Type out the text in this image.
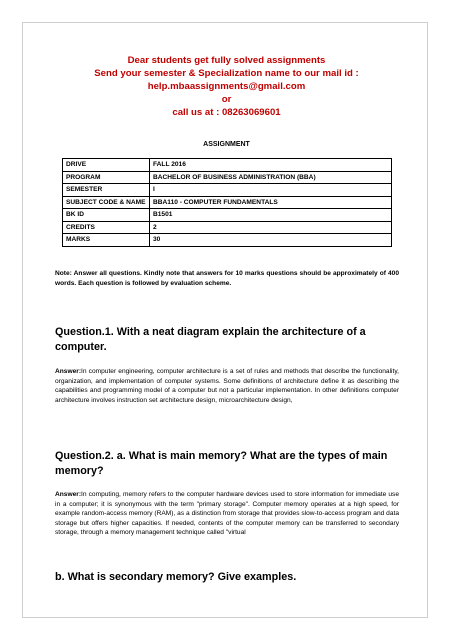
Dear students get fully solved assignments
Send your semester & Specialization name to our mail id :
help.mbaassignments@gmail.com
or
call us at : 08263069601
ASSIGNMENT
DRIVE	FALL 2016
PROGRAM	BACHELOR OF BUSINESS ADMINISTRATION (BBA)
SEMESTER	I
SUBJECT CODE & NAME	BBA110 - COMPUTER FUNDAMENTALS
BK ID	B1501
CREDITS	2
MARKS	30
Note: Answer all questions. Kindly note that answers for 10 marks questions should be approximately of 400 words. Each question is followed by evaluation scheme.
Question.1. With a neat diagram explain the architecture of a computer.
Answer:In computer engineering, computer architecture is a set of rules and methods that describe the functionality, organization, and implementation of computer systems. Some definitions of architecture define it as describing the capabilities and programming model of a computer but not a particular implementation. In other definitions computer architecture involves instruction set architecture design, microarchitecture design,
Question.2. a. What is main memory? What are the types of main memory?
Answer:In computing, memory refers to the computer hardware devices used to store information for immediate use in a computer; it is synonymous with the term "primary storage". Computer memory operates at a high speed, for example random-access memory (RAM), as a distinction from storage that provides slow-to-access program and data storage but offers higher capacities. If needed, contents of the computer memory can be transferred to secondary storage, through a memory management technique called "virtual
b. What is secondary memory? Give examples.
